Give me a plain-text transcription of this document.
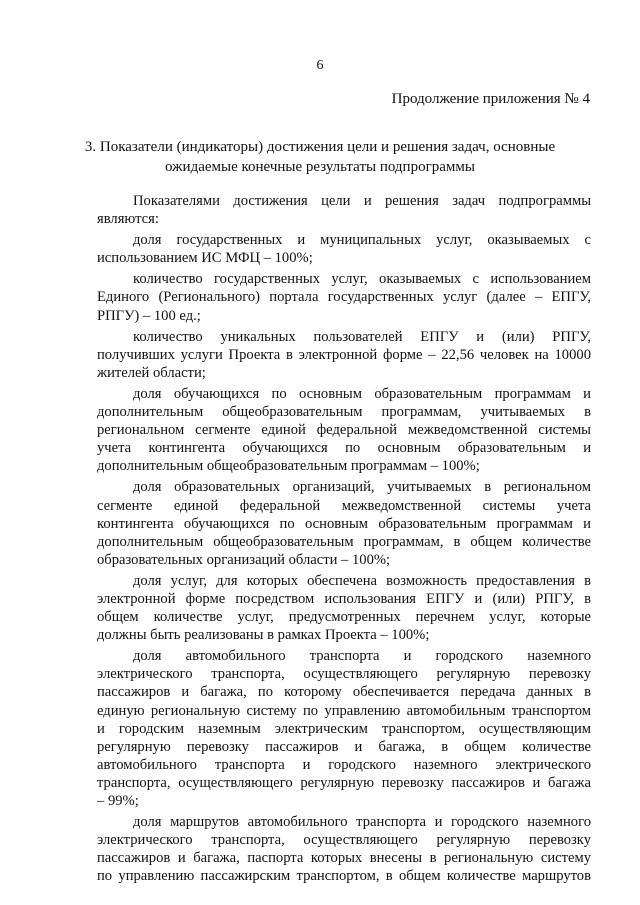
6
Продолжение приложения № 4
3. Показатели (индикаторы) достижения цели и решения задач, основные
ожидаемые конечные результаты подпрограммы

Показателями достижения цели и решения задач подпрограммы
являются:

доля государственных и муниципальных услуг, оказываемых с
использованием ИС МФЦ – 100%;

количество государственных услуг, оказываемых с использованием
Единого (Регионального) портала государственных услуг (далее – ЕПГУ,
РПГУ) – 100 ед.;

количество уникальных пользователей ЕПГУ и (или) РПГУ,
получивших услуги Проекта в электронной форме – 22,56 человек на 10000
жителей области;

доля обучающихся по основным образовательным программам и
дополнительным общеобразовательным программам, учитываемых в
региональном сегменте единой федеральной межведомственной системы
учета контингента обучающихся по основным образовательным и
дополнительным общеобразовательным программам – 100%;

доля образовательных организаций, учитываемых в региональном
сегменте единой федеральной межведомственной системы учета
контингента обучающихся по основным образовательным программам и
дополнительным общеобразовательным программам, в общем количестве
образовательных организаций области – 100%;

доля услуг, для которых обеспечена возможность предоставления в
электронной форме посредством использования ЕПГУ и (или) РПГУ, в
общем количестве услуг, предусмотренных перечнем услуг, которые
должны быть реализованы в рамках Проекта – 100%;

доля автомобильного транспорта и городского наземного
электрического транспорта, осуществляющего регулярную перевозку
пассажиров и багажа, по которому обеспечивается передача данных в
единую региональную систему по управлению автомобильным транспортом
и городским наземным электрическим транспортом, осуществляющим
регулярную перевозку пассажиров и багажа, в общем количестве
автомобильного транспорта и городского наземного электрического
транспорта, осуществляющего регулярную перевозку пассажиров и багажа
– 99%;

доля маршрутов автомобильного транспорта и городского наземного
электрического транспорта, осуществляющего регулярную перевозку
пассажиров и багажа, паспорта которых внесены в региональную систему
по управлению пассажирским транспортом, в общем количестве маршрутов
